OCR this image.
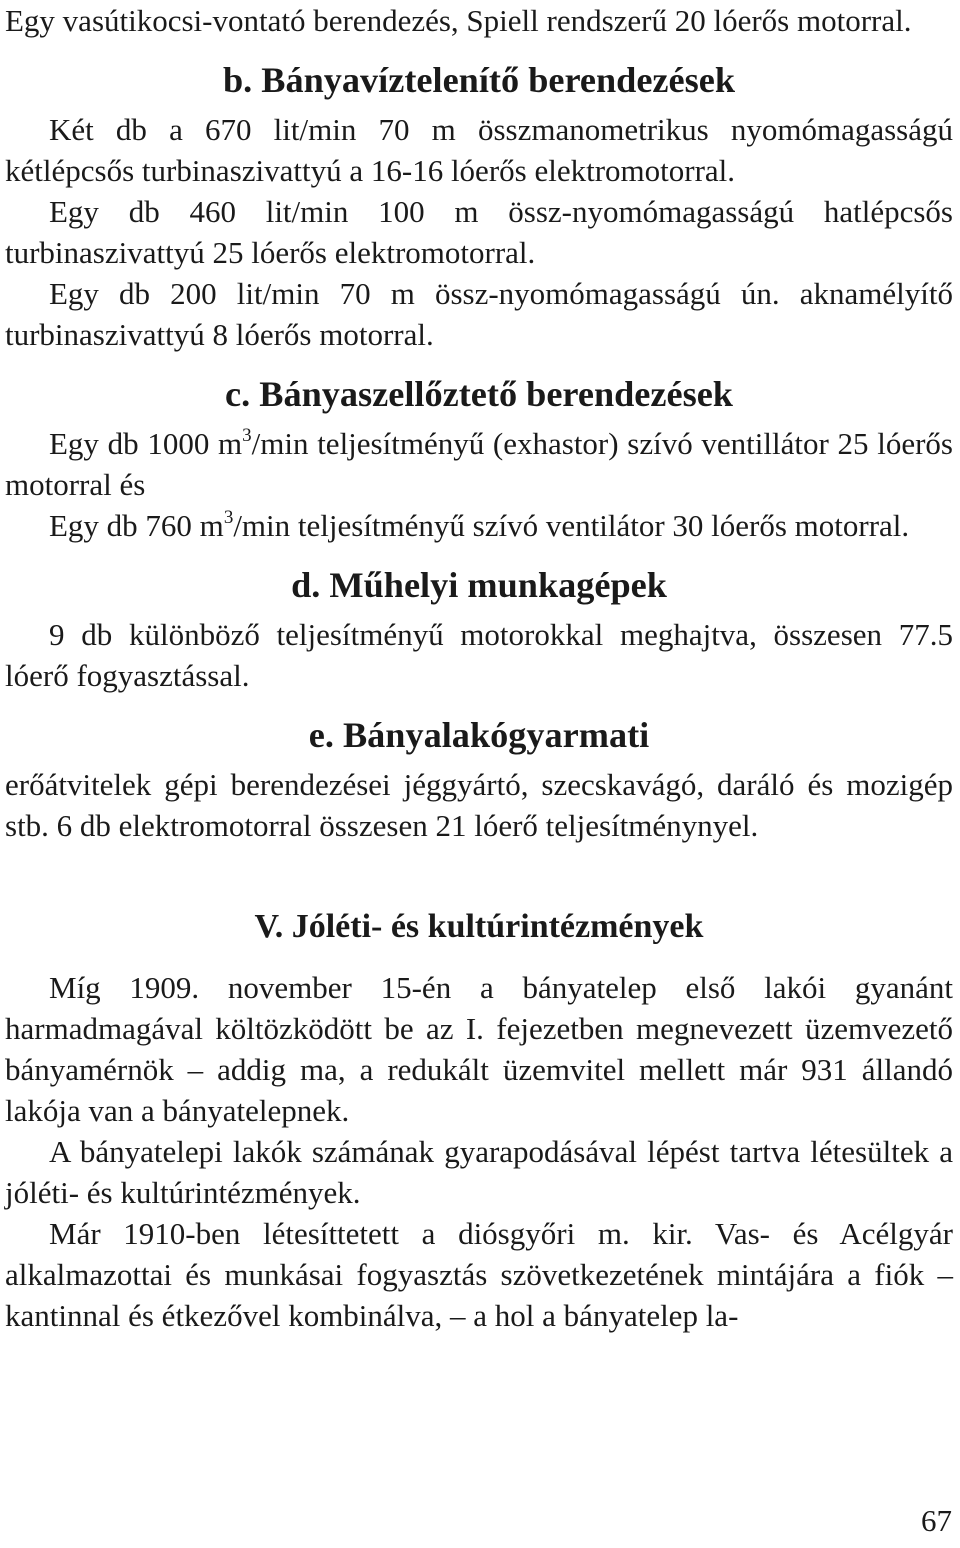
Egy vasútikocsi-vontató berendezés, Spiell rendszerű 20 lóerős motorral.

b. Bányavíztelenítő berendezések

Két db a 670 lit/min 70 m összmanometrikus nyomómagasságú kétlépcsős turbinaszivattyú a 16-16 lóerős elektromotorral.

Egy db 460 lit/min 100 m össz-nyomómagasságú hatlépcsős turbinaszivattyú 25 lóerős elektromotorral.

Egy db 200 lit/min 70 m össz-nyomómagasságú ún. aknamélyítő turbinaszivattyú 8 lóerős motorral.

c. Bányaszellőztető berendezések

Egy db 1000 $m^3/\min$ teljesítményű (exhastor) szívó ventillátor 25 lóerős motorral és

Egy db 760 $m^3/\min$ teljesítményű szívó ventilátor 30 lóerős motorral.

d. Műhelyi munkagépek

9 db különböző teljesítményű motorokkal meghajtva, összesen 77.5 lóerő fogyasztással.

e. Bányalakógyarmati

erőátvitelek gépi berendezései jéggyártó, szecskavágó, daráló és mozigép stb. 6 db elektromotorral összesen 21 lóerő teljesítménynyel.

V. Jóléti- és kultúrintézmények

Míg 1909. november 15-én a bányatelep első lakói gyanánt harmadmagával költözködött be az I. fejezetben megnevezett üzemvezető bányamérnök – addig ma, a redukált üzemvitel mellett már 931 állandó lakója van a bányatelepnek.

A bányatelepi lakók számának gyarapodásával lépést tartva létesültek a jóléti- és kultúrintézmények.

Már 1910-ben létesíttetett a diósgyőri m. kir. Vas- és Acélgyár alkalmazottai és munkásai fogyasztás szövetkezetének mintájára a fiók – kantinnal és étkezővel kombinálva, – a hol a bányatelep la-

67
